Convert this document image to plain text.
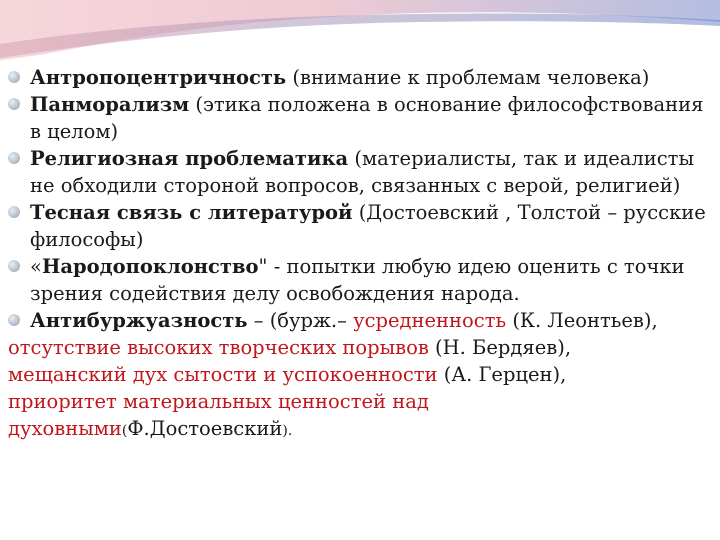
Антропоцентричность (внимание к проблемам человека)
Панморализм (этика положена в основание философствования в целом)
Религиозная проблематика (материалисты, так и идеалисты не обходили стороной вопросов, связанных с верой, религией)
Тесная связь с литературой (Достоевский , Толстой – русские философы)
«Народопоклонство" - попытки любую идею оценить с точки зрения содействия делу освобождения народа.
Антибуржуазность – (бурж.– усредненность (К. Леонтьев),
отсутствие высоких творческих порывов (Н. Бердяев),
мещанский дух сытости и успокоенности (А. Герцен),
приоритет материальных ценностей над духовными(Ф.Достоевский).
